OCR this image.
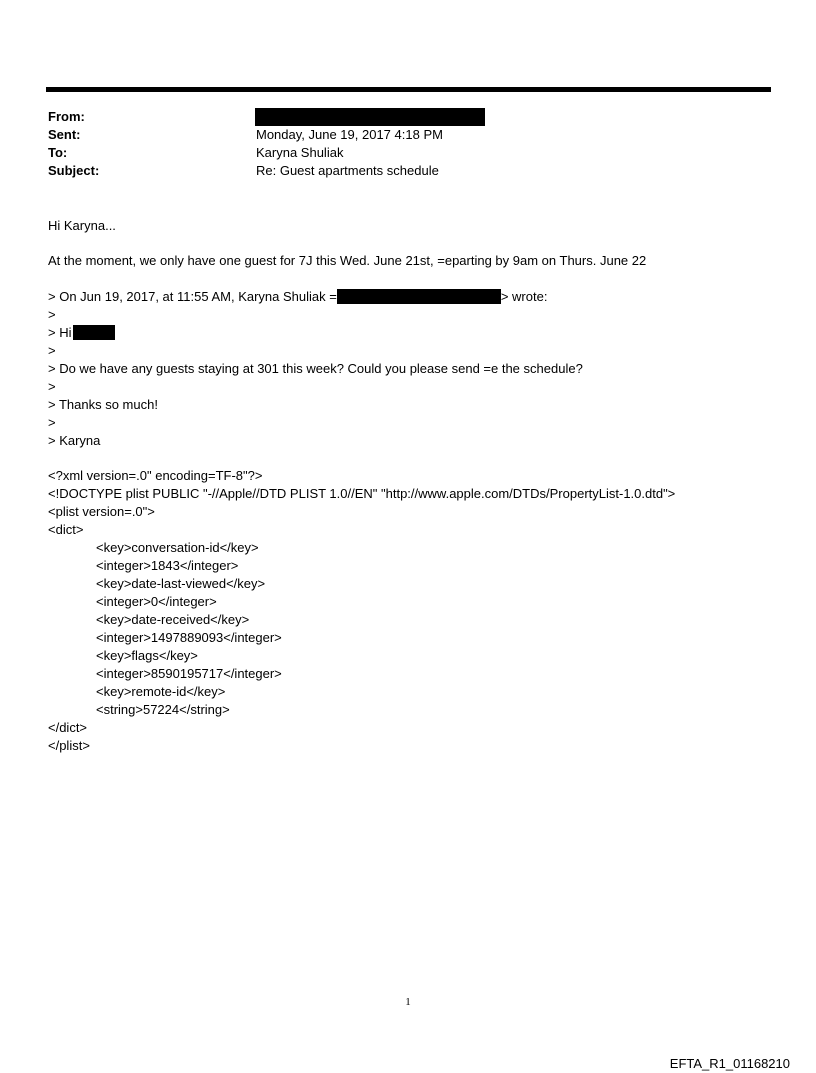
From:
Sent:	Monday, June 19, 2017 4:18 PM
To:	Karyna Shuliak
Subject:	Re: Guest apartments schedule
Hi Karyna...
At the moment, we only have one guest for 7J this Wed. June 21st, =eparting by 9am on Thurs. June 22
> On Jun 19, 2017, at 11:55 AM, Karyna Shuliak =	> wrote:
>
> Hi
>
> Do we have any guests staying at 301 this week? Could you please send =e the schedule?
>
> Thanks so much!
>
> Karyna
<?xml version=.0" encoding=TF-8"?>
<!DOCTYPE plist PUBLIC "-//Apple//DTD PLIST 1.0//EN" "http://www.apple.com/DTDs/PropertyList-1.0.dtd">
<plist version=.0">
<dict>
<key>conversation-id</key>
<integer>1843</integer>
<key>date-last-viewed</key>
<integer>0</integer>
<key>date-received</key>
<integer>1497889093</integer>
<key>flags</key>
<integer>8590195717</integer>
<key>remote-id</key>
<string>57224</string>
</dict>
</plist>
1
EFTA_R1_01168210
